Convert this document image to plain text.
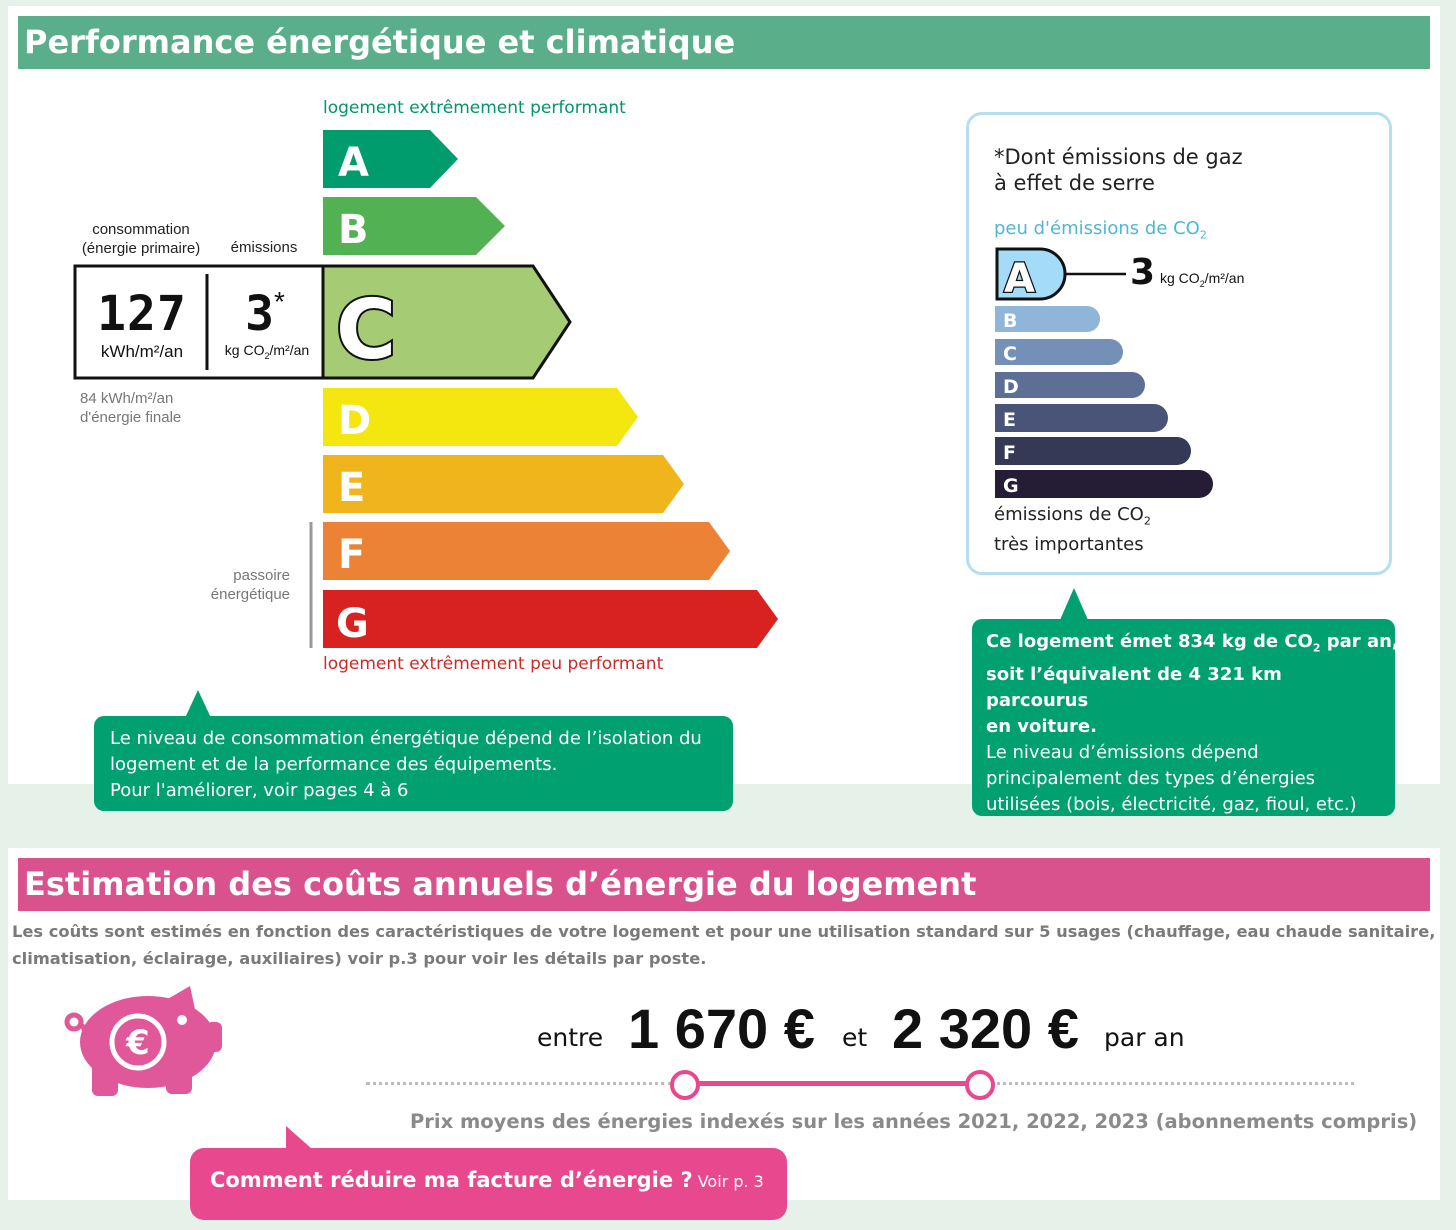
Performance énergétique et climatique
A
B
D
E
F
G
C
logement extrêmement performant
logement extrêmement peu performant
consommation
(énergie primaire)	émissions
127
kWh/m²/an
3*
kg $CO_2/m^2/an$
84 kWh/m²/an
d'énergie finale
passoire
énergétique
*Dont émissions de gaz
à effet de serre
peu d'émissions de $CO_2$
A
B
C
D
E
F
G
3 kg $CO_2/m^2/an$
émissions de $CO_2$
très importantes
Le niveau de consommation énergétique dépend de l’isolation du
logement et de la performance des équipements.
Pour l'améliorer, voir pages 4 à 6
Ce logement émet 834 kg de $CO_2$ par an,
soit l’équivalent de 4 321 km parcourus
en voiture.
Le niveau d’émissions dépend
principalement des types d’énergies
utilisées (bois, électricité, gaz, fioul, etc.)
Estimation des coûts annuels d’énergie du logement
Les coûts sont estimés en fonction des caractéristiques de votre logement et pour une utilisation standard sur 5 usages (chauffage, eau chaude sanitaire,
climatisation, éclairage, auxiliaires) voir p.3 pour voir les détails par poste.
€	entre 1 670 € et 2 320 € par an
Prix moyens des énergies indexés sur les années 2021, 2022, 2023 (abonnements compris)
Comment réduire ma facture d’énergie ? Voir p. 3
